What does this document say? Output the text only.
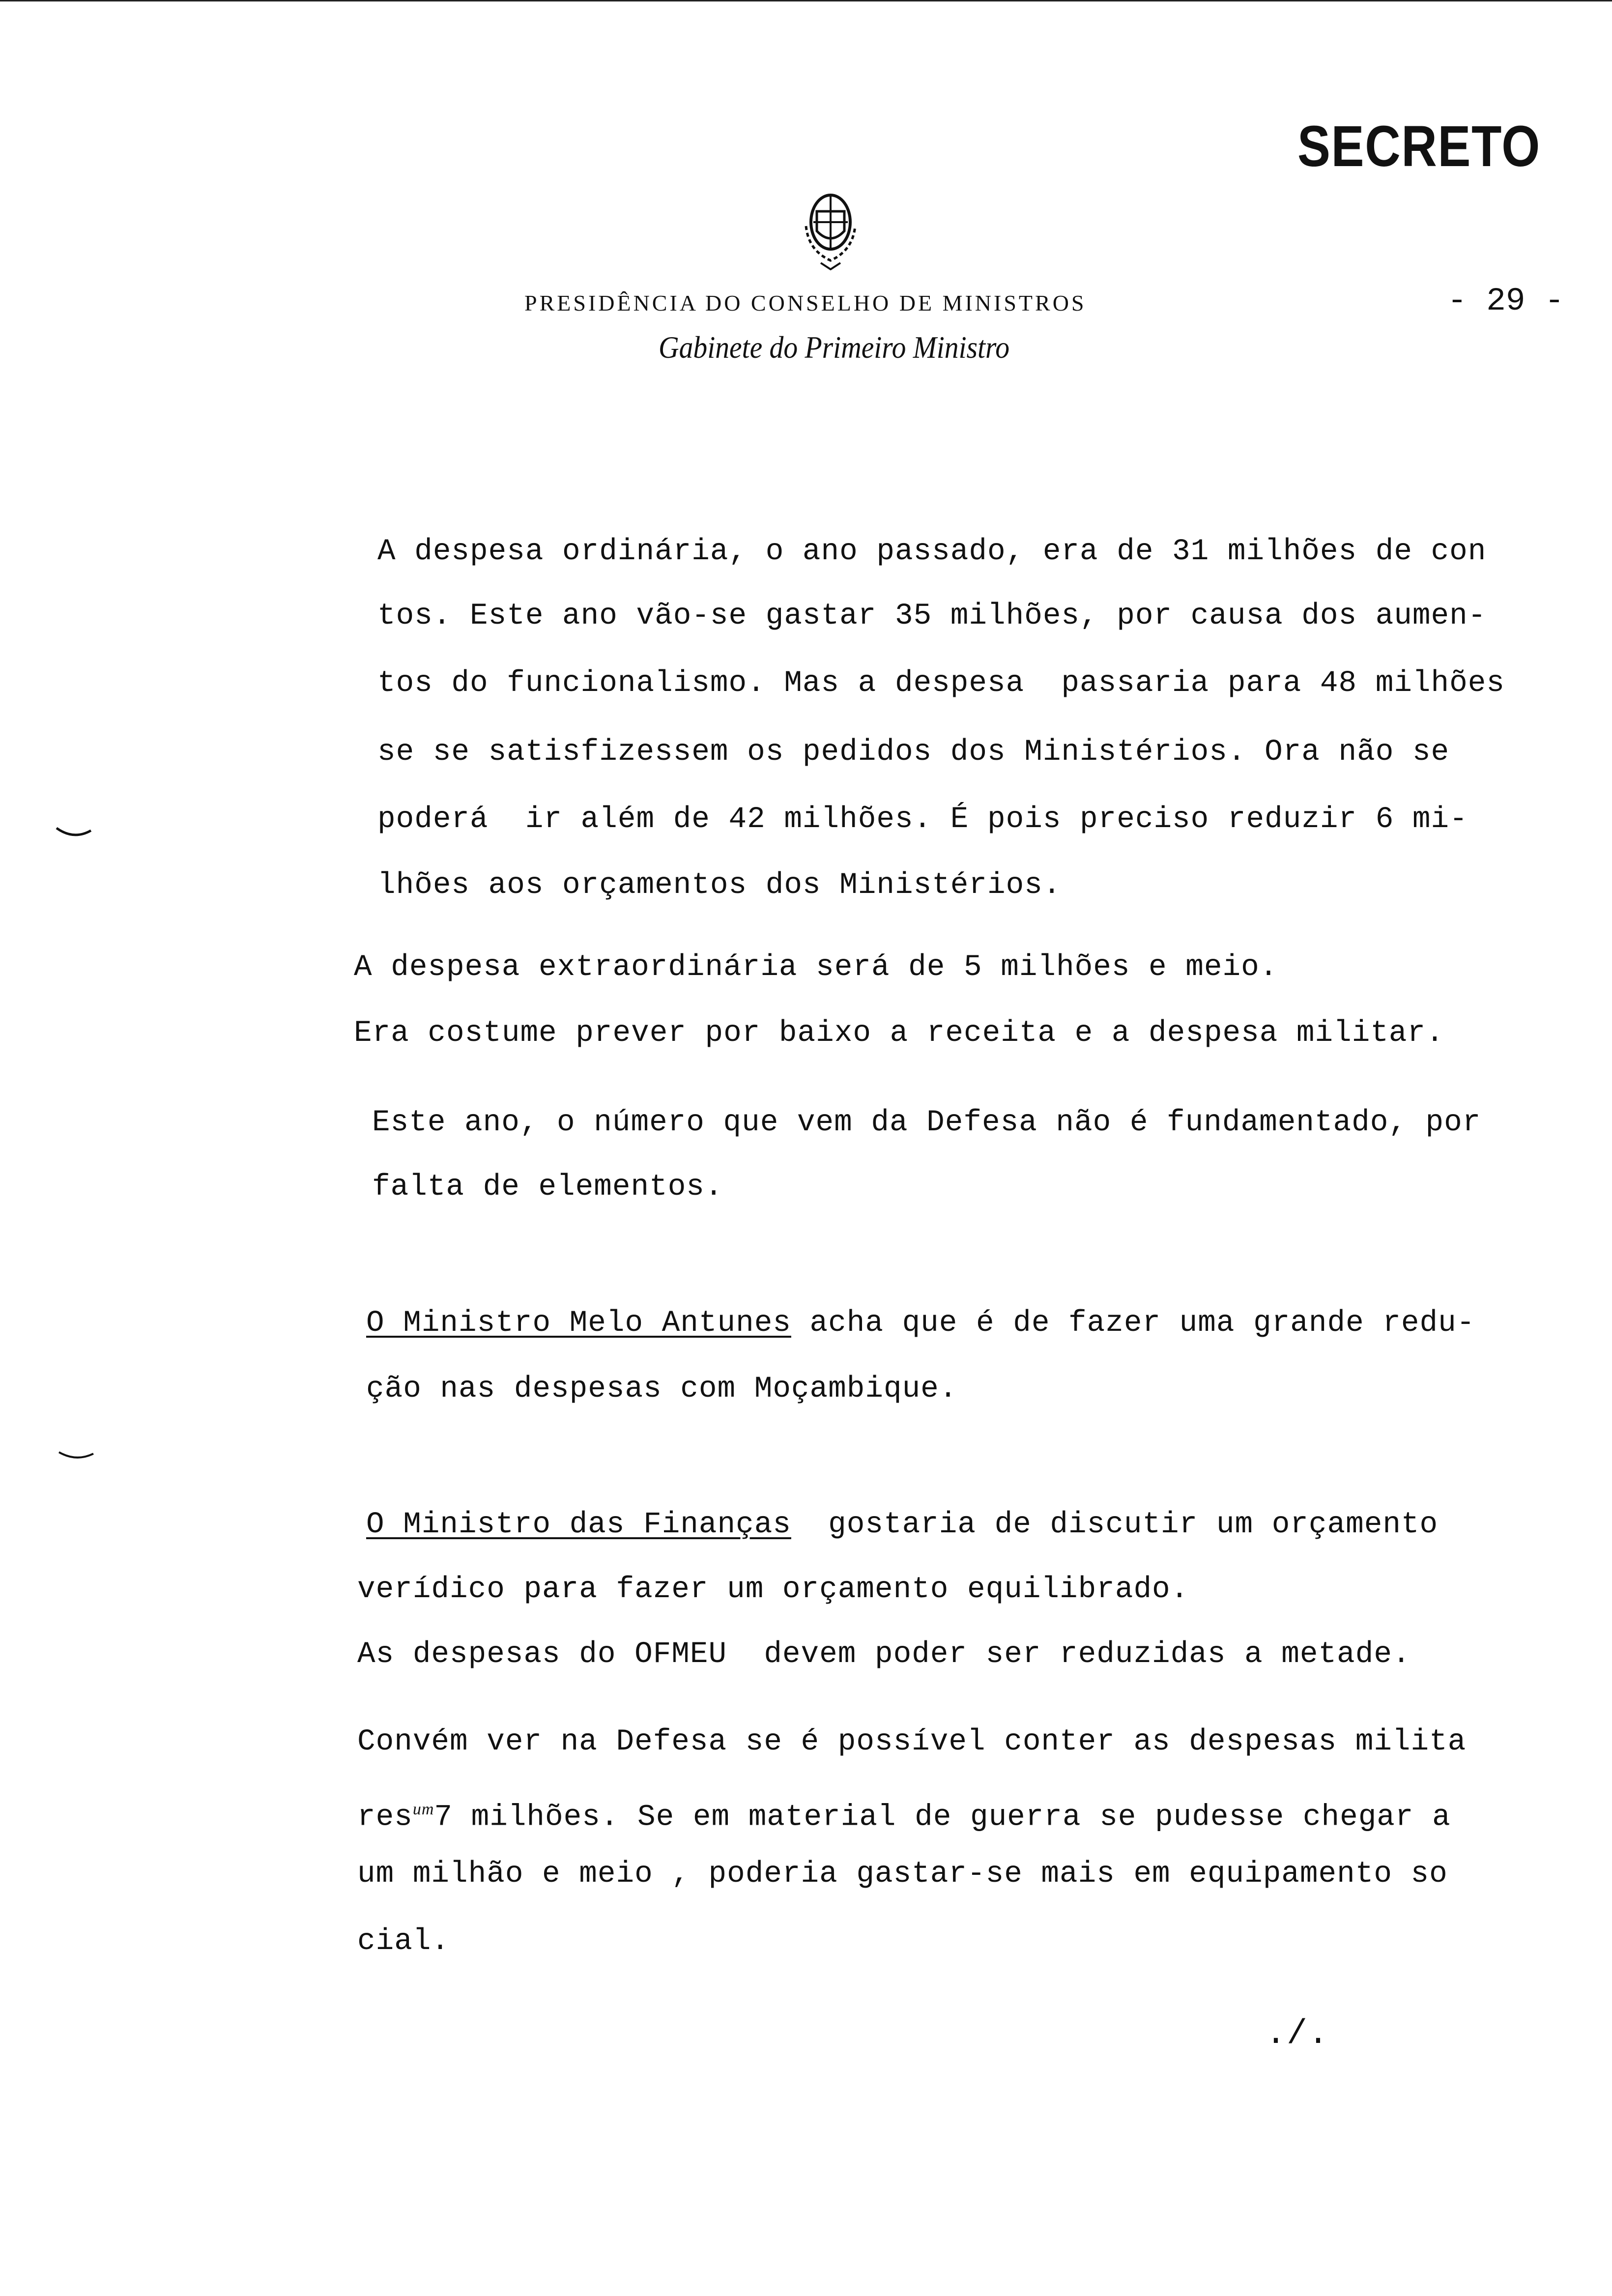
SECRETO
PRESIDÊNCIA DO CONSELHO DE MINISTROS	- 29 -
Gabinete do Primeiro Ministro
A despesa ordinária, o ano passado, era de 31 milhões de con
tos. Este ano vão-se gastar 35 milhões, por causa dos aumen-
tos do funcionalismo. Mas a despesa  passaria para 48 milhões
se se satisfizessem os pedidos dos Ministérios. Ora não se
poderá  ir além de 42 milhões. É pois preciso reduzir 6 mi-
lhões aos orçamentos dos Ministérios.
A despesa extraordinária será de 5 milhões e meio.
Era costume prever por baixo a receita e a despesa militar.
Este ano, o número que vem da Defesa não é fundamentado, por
falta de elementos.
O Ministro Melo Antunes acha que é de fazer uma grande redu-
ção nas despesas com Moçambique.
O Ministro das Finanças  gostaria de discutir um orçamento
verídico para fazer um orçamento equilibrado.
As despesas do OFMEU  devem poder ser reduzidas a metade.
Convém ver na Defesa se é possível conter as despesas milita
res$^{um}$7 milhões. Se em material de guerra se pudesse chegar a
um milhão e meio , poderia gastar-se mais em equipamento so
cial.
./.
